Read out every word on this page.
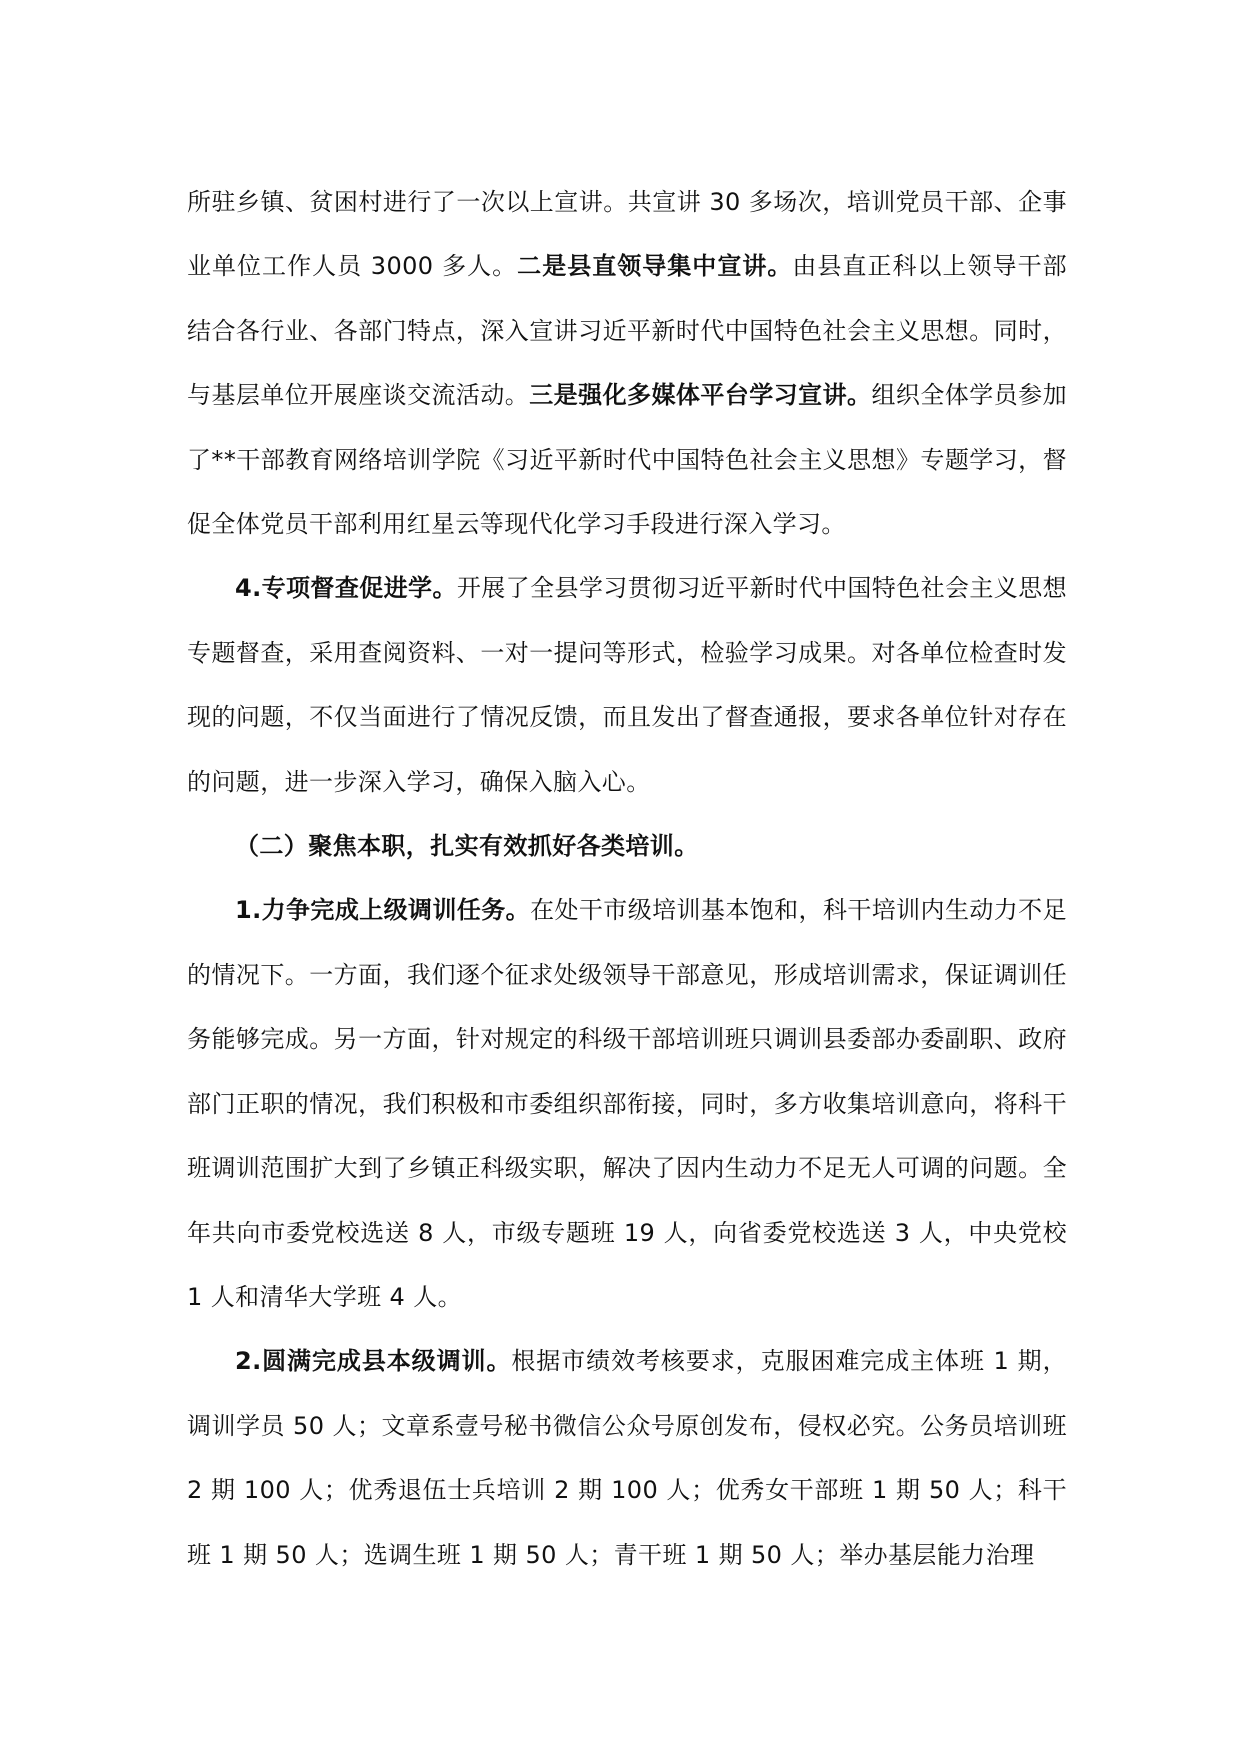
所驻乡镇、贫困村进行了一次以上宣讲。共宣讲 30 多场次，培训党员干部、企事业单位工作人员 3000 多人。二是县直领导集中宣讲。由县直正科以上领导干部结合各行业、各部门特点，深入宣讲习近平新时代中国特色社会主义思想。同时，与基层单位开展座谈交流活动。三是强化多媒体平台学习宣讲。组织全体学员参加了**干部教育网络培训学院《习近平新时代中国特色社会主义思想》专题学习，督促全体党员干部利用红星云等现代化学习手段进行深入学习。

4.专项督查促进学。开展了全县学习贯彻习近平新时代中国特色社会主义思想专题督查，采用查阅资料、一对一提问等形式，检验学习成果。对各单位检查时发现的问题，不仅当面进行了情况反馈，而且发出了督查通报，要求各单位针对存在的问题，进一步深入学习，确保入脑入心。

（二）聚焦本职，扎实有效抓好各类培训。

1.力争完成上级调训任务。在处干市级培训基本饱和，科干培训内生动力不足的情况下。一方面，我们逐个征求处级领导干部意见，形成培训需求，保证调训任务能够完成。另一方面，针对规定的科级干部培训班只调训县委部办委副职、政府部门正职的情况，我们积极和市委组织部衔接，同时，多方收集培训意向，将科干班调训范围扩大到了乡镇正科级实职，解决了因内生动力不足无人可调的问题。全年共向市委党校选送 8 人，市级专题班 19 人，向省委党校选送 3 人，中央党校 1 人和清华大学班 4 人。

2.圆满完成县本级调训。根据市绩效考核要求，克服困难完成主体班 1 期，调训学员 50 人；文章系壹号秘书微信公众号原创发布，侵权必究。公务员培训班 2 期 100 人；优秀退伍士兵培训 2 期 100 人；优秀女干部班 1 期 50 人；科干班 1 期 50 人；选调生班 1 期 50 人；青干班 1 期 50 人；举办基层能力治理
